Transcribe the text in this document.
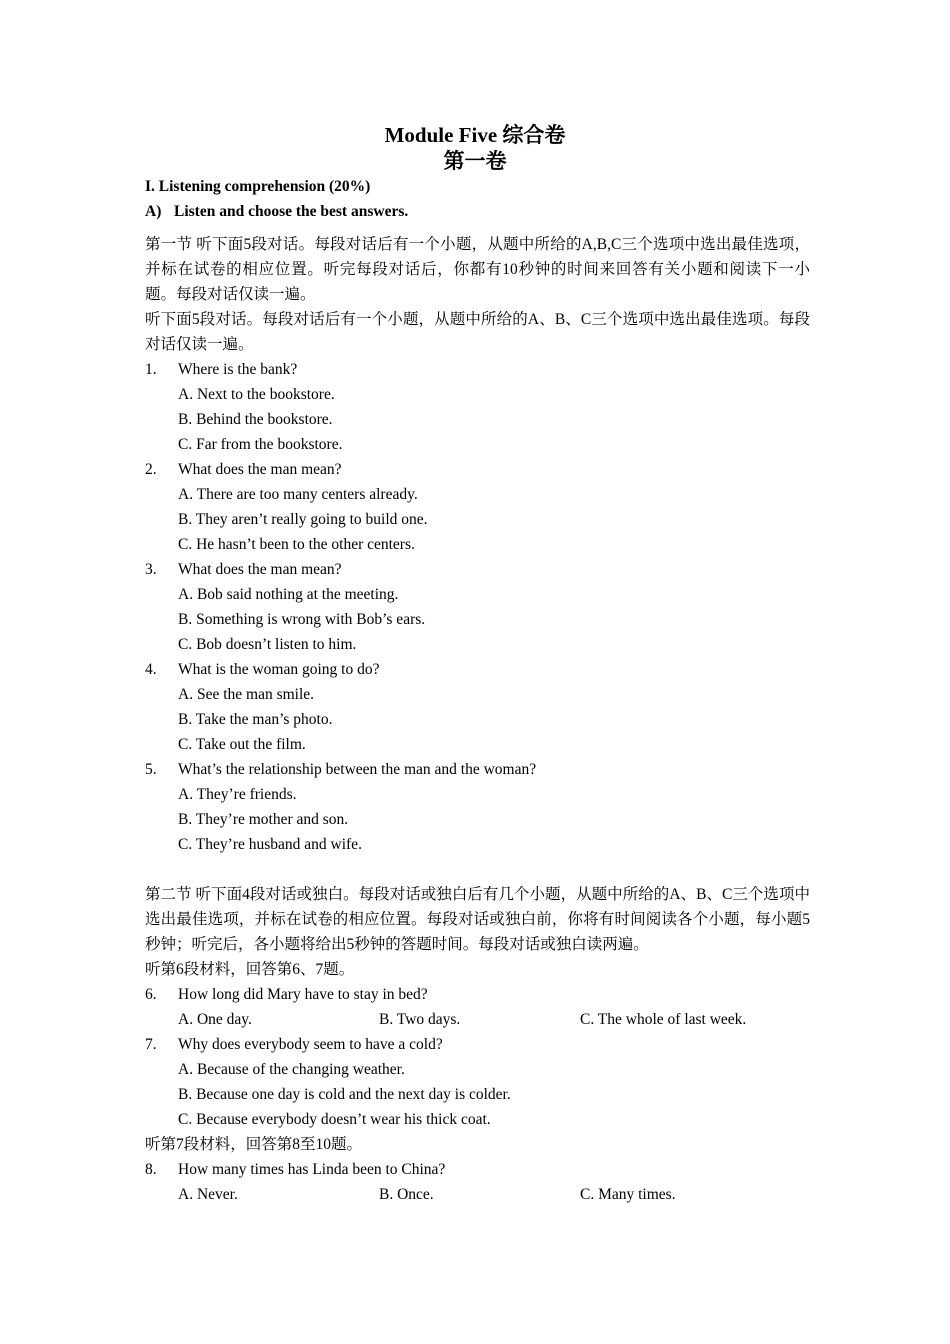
Module Five 综合卷
第一卷
I. Listening comprehension (20%)
A) Listen and choose the best answers.
第一节 听下面5段对话。每段对话后有一个小题，从题中所给的A,B,C三个选项中选出最佳选项，并标在试卷的相应位置。听完每段对话后，你都有10秒钟的时间来回答有关小题和阅读下一小题。每段对话仅读一遍。
听下面5段对话。每段对话后有一个小题，从题中所给的A、B、C三个选项中选出最佳选项。每段对话仅读一遍。
1.	Where is the bank?
A. Next to the bookstore.
B. Behind the bookstore.
C. Far from the bookstore.
2.	What does the man mean?
A. There are too many centers already.
B. They aren’t really going to build one.
C. He hasn’t been to the other centers.
3.	What does the man mean?
A. Bob said nothing at the meeting.
B. Something is wrong with Bob’s ears.
C. Bob doesn’t listen to him.
4.	What is the woman going to do?
A. See the man smile.
B. Take the man’s photo.
C. Take out the film.
5.	What’s the relationship between the man and the woman?
A. They’re friends.
B. They’re mother and son.
C. They’re husband and wife.
第二节 听下面4段对话或独白。每段对话或独白后有几个小题，从题中所给的A、B、C三个选项中选出最佳选项，并标在试卷的相应位置。每段对话或独白前，你将有时间阅读各个小题，每小题5秒钟；听完后，各小题将给出5秒钟的答题时间。每段对话或独白读两遍。
听第6段材料，回答第6、7题。
6.	How long did Mary have to stay in bed?
A. One day.	B. Two days.	C. The whole of last week.
7.	Why does everybody seem to have a cold?
A. Because of the changing weather.
B. Because one day is cold and the next day is colder.
C. Because everybody doesn’t wear his thick coat.
听第7段材料，回答第8至10题。
8.	How many times has Linda been to China?
A. Never.	B. Once.	C. Many times.
